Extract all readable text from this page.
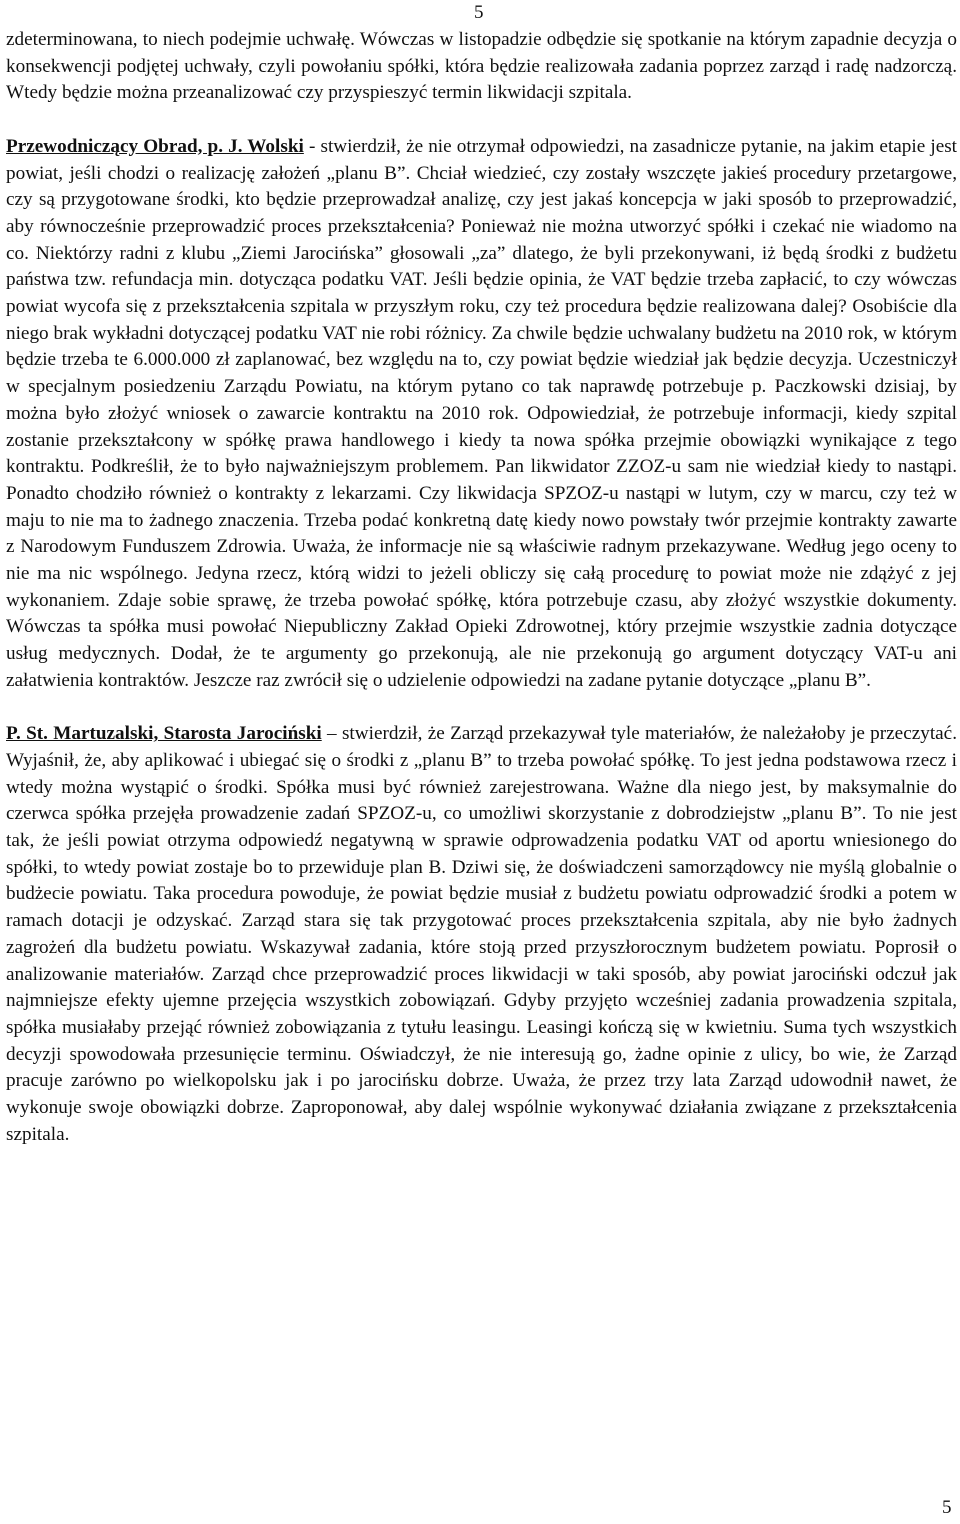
5

zdeterminowana, to niech podejmie uchwałę. Wówczas w listopadzie odbędzie się spotkanie na którym zapadnie decyzja o konsekwencji podjętej uchwały, czyli powołaniu spółki, która będzie realizowała zadania poprzez zarząd i radę nadzorczą. Wtedy będzie można przeanalizować czy przyspieszyć termin likwidacji szpitala.

Przewodniczący Obrad, p. J. Wolski - stwierdził, że nie otrzymał odpowiedzi, na zasadnicze pytanie, na jakim etapie jest powiat, jeśli chodzi o realizację założeń „planu B”. Chciał wiedzieć, czy zostały wszczęte jakieś procedury przetargowe, czy są przygotowane środki, kto będzie przeprowadzał analizę, czy jest jakaś koncepcja w jaki sposób to przeprowadzić, aby równocześnie przeprowadzić proces przekształcenia? Ponieważ nie można utworzyć spółki i czekać nie wiadomo na co. Niektórzy radni z klubu „Ziemi Jarocińska” głosowali „za” dlatego, że byli przekonywani, iż będą środki z budżetu państwa tzw. refundacja min. dotycząca podatku VAT. Jeśli będzie opinia, że VAT będzie trzeba zapłacić, to czy wówczas powiat wycofa się z przekształcenia szpitala w przyszłym roku, czy też procedura będzie realizowana dalej? Osobiście dla niego brak wykładni dotyczącej podatku VAT nie robi różnicy. Za chwile będzie uchwalany budżetu na 2010 rok, w którym będzie trzeba te 6.000.000 zł zaplanować, bez względu na to, czy powiat będzie wiedział jak będzie decyzja. Uczestniczył w specjalnym posiedzeniu Zarządu Powiatu, na którym pytano co tak naprawdę potrzebuje p. Paczkowski dzisiaj, by można było złożyć wniosek o zawarcie kontraktu na 2010 rok. Odpowiedział, że potrzebuje informacji, kiedy szpital zostanie przekształcony w spółkę prawa handlowego i kiedy ta nowa spółka przejmie obowiązki wynikające z tego kontraktu. Podkreślił, że to było najważniejszym problemem. Pan likwidator ZZOZ-u sam nie wiedział kiedy to nastąpi. Ponadto chodziło również o kontrakty z lekarzami. Czy likwidacja SPZOZ-u nastąpi w lutym, czy w marcu, czy też w maju to nie ma to żadnego znaczenia. Trzeba podać konkretną datę kiedy nowo powstały twór przejmie kontrakty zawarte z Narodowym Funduszem Zdrowia. Uważa, że informacje nie są właściwie radnym przekazywane. Według jego oceny to nie ma nic wspólnego. Jedyna rzecz, którą widzi to jeżeli obliczy się całą procedurę to powiat może nie zdążyć z jej wykonaniem. Zdaje sobie sprawę, że trzeba powołać spółkę, która potrzebuje czasu, aby złożyć wszystkie dokumenty. Wówczas ta spółka musi powołać Niepubliczny Zakład Opieki Zdrowotnej, który przejmie wszystkie zadnia dotyczące usług medycznych. Dodał, że te argumenty go przekonują, ale nie przekonują go argument dotyczący VAT-u ani załatwienia kontraktów. Jeszcze raz zwrócił się o udzielenie odpowiedzi na zadane pytanie dotyczące „planu B”.

P. St. Martuzalski, Starosta Jarociński – stwierdził, że Zarząd przekazywał tyle materiałów, że należałoby je przeczytać. Wyjaśnił, że, aby aplikować i ubiegać się o środki z „planu B” to trzeba powołać spółkę. To jest jedna podstawowa rzecz i wtedy można wystąpić o środki. Spółka musi być również zarejestrowana. Ważne dla niego jest, by maksymalnie do czerwca spółka przejęła prowadzenie zadań SPZOZ-u, co umożliwi skorzystanie z dobrodziejstw „planu B”. To nie jest tak, że jeśli powiat otrzyma odpowiedź negatywną w sprawie odprowadzenia podatku VAT od aportu wniesionego do spółki, to wtedy powiat zostaje bo to przewiduje plan B. Dziwi się, że doświadczeni samorządowcy nie myślą globalnie o budżecie powiatu. Taka procedura powoduje, że powiat będzie musiał z budżetu powiatu odprowadzić środki a potem w ramach dotacji je odzyskać. Zarząd stara się tak przygotować proces przekształcenia szpitala, aby nie było żadnych zagrożeń dla budżetu powiatu. Wskazywał zadania, które stoją przed przyszłorocznym budżetem powiatu. Poprosił o analizowanie materiałów. Zarząd chce przeprowadzić proces likwidacji w taki sposób, aby powiat jarociński odczuł jak najmniejsze efekty ujemne przejęcia wszystkich zobowiązań. Gdyby przyjęto wcześniej zadania prowadzenia szpitala, spółka musiałaby przejąć również zobowiązania z tytułu leasingu. Leasingi kończą się w kwietniu. Suma tych wszystkich decyzji spowodowała przesunięcie terminu. Oświadczył, że nie interesują go, żadne opinie z ulicy, bo wie, że Zarząd pracuje zarówno po wielkopolsku jak i po jarocińsku dobrze. Uważa, że przez trzy lata Zarząd udowodnił nawet, że wykonuje swoje obowiązki dobrze. Zaproponował, aby dalej wspólnie wykonywać działania związane z przekształcenia szpitala.

5
